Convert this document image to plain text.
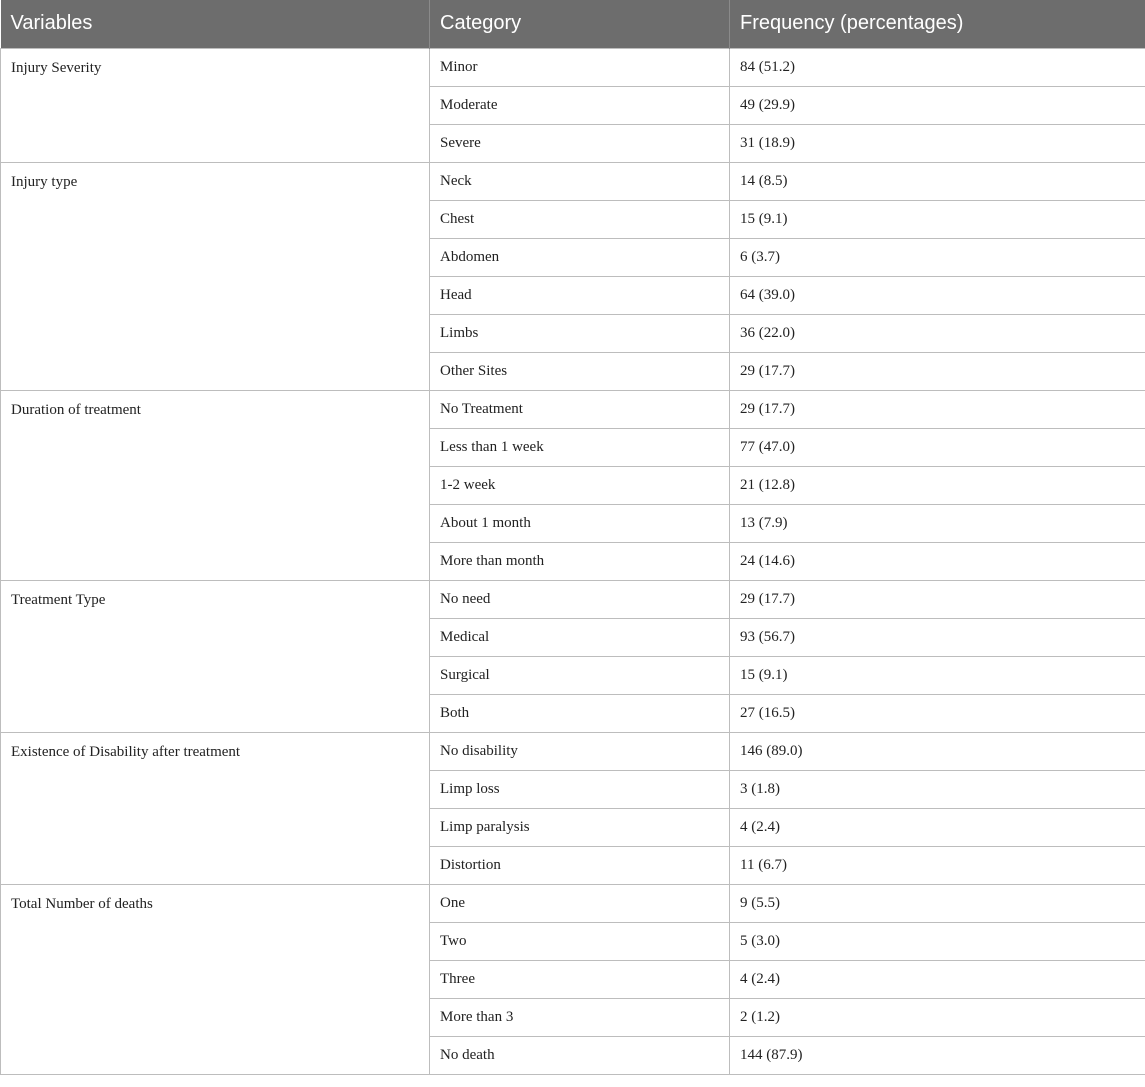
Variables	Category	Frequency (percentages)
Injury Severity	Minor	84 (51.2)
	Moderate	49 (29.9)
	Severe	31 (18.9)
Injury type	Neck	14 (8.5)
	Chest	15 (9.1)
	Abdomen	6 (3.7)
	Head	64 (39.0)
	Limbs	36 (22.0)
	Other Sites	29 (17.7)
Duration of treatment	No Treatment	29 (17.7)
	Less than 1 week	77 (47.0)
	1-2 week	21 (12.8)
	About 1 month	13 (7.9)
	More than month	24 (14.6)
Treatment Type	No need	29 (17.7)
	Medical	93 (56.7)
	Surgical	15 (9.1)
	Both	27 (16.5)
Existence of Disability after treatment	No disability	146 (89.0)
	Limp loss	3 (1.8)
	Limp paralysis	4 (2.4)
	Distortion	11 (6.7)
Total Number of deaths	One	9 (5.5)
	Two	5 (3.0)
	Three	4 (2.4)
	More than 3	2 (1.2)
	No death	144 (87.9)
